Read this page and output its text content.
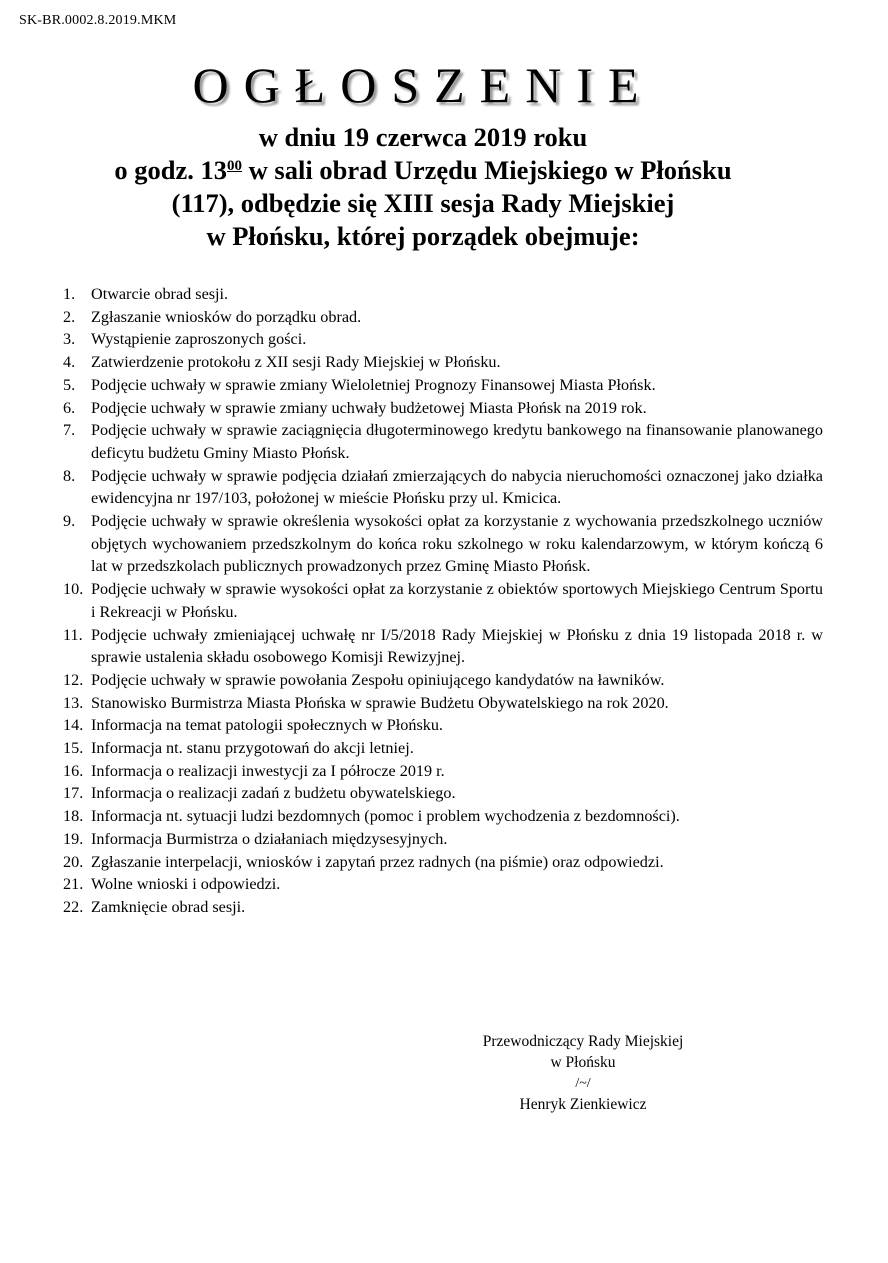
SK-BR.0002.8.2019.MKM
OGŁOSZENIE
w dniu 19 czerwca 2019 roku
o godz. $13^{00}$ w sali obrad Urzędu Miejskiego w Płońsku
(117), odbędzie się XIII sesja Rady Miejskiej
w Płońsku, której porządek obejmuje:
1. Otwarcie obrad sesji.
2. Zgłaszanie wniosków do porządku obrad.
3. Wystąpienie zaproszonych gości.
4. Zatwierdzenie protokołu z XII sesji Rady Miejskiej w Płońsku.
5. Podjęcie uchwały w sprawie zmiany Wieloletniej Prognozy Finansowej Miasta Płońsk.
6. Podjęcie uchwały w sprawie zmiany uchwały budżetowej Miasta Płońsk na 2019 rok.
7. Podjęcie uchwały w sprawie zaciągnięcia długoterminowego kredytu bankowego na finansowanie planowanego deficytu budżetu Gminy Miasto Płońsk.
8. Podjęcie uchwały w sprawie podjęcia działań zmierzających do nabycia nieruchomości oznaczonej jako działka ewidencyjna nr 197/103, położonej w mieście Płońsku przy ul. Kmicica.
9. Podjęcie uchwały w sprawie określenia wysokości opłat za korzystanie z wychowania przedszkolnego uczniów objętych wychowaniem przedszkolnym do końca roku szkolnego w roku kalendarzowym, w którym kończą 6 lat w przedszkolach publicznych prowadzonych przez Gminę Miasto Płońsk.
10. Podjęcie uchwały w sprawie wysokości opłat za korzystanie z obiektów sportowych Miejskiego Centrum Sportu i Rekreacji w Płońsku.
11. Podjęcie uchwały zmieniającej uchwałę nr I/5/2018 Rady Miejskiej w Płońsku z dnia 19 listopada 2018 r. w sprawie ustalenia składu osobowego Komisji Rewizyjnej.
12. Podjęcie uchwały w sprawie powołania Zespołu opiniującego kandydatów na ławników.
13. Stanowisko Burmistrza Miasta Płońska w sprawie Budżetu Obywatelskiego na rok 2020.
14. Informacja na temat patologii społecznych w Płońsku.
15. Informacja nt. stanu przygotowań do akcji letniej.
16. Informacja o realizacji inwestycji za I półrocze 2019 r.
17. Informacja o realizacji zadań z budżetu obywatelskiego.
18. Informacja nt. sytuacji ludzi bezdomnych (pomoc i problem wychodzenia z bezdomności).
19. Informacja Burmistrza o działaniach międzysesyjnych.
20. Zgłaszanie interpelacji, wniosków i zapytań przez radnych (na piśmie) oraz odpowiedzi.
21. Wolne wnioski i odpowiedzi.
22. Zamknięcie obrad sesji.
Przewodniczący Rady Miejskiej
w Płońsku
/~/
Henryk Zienkiewicz
